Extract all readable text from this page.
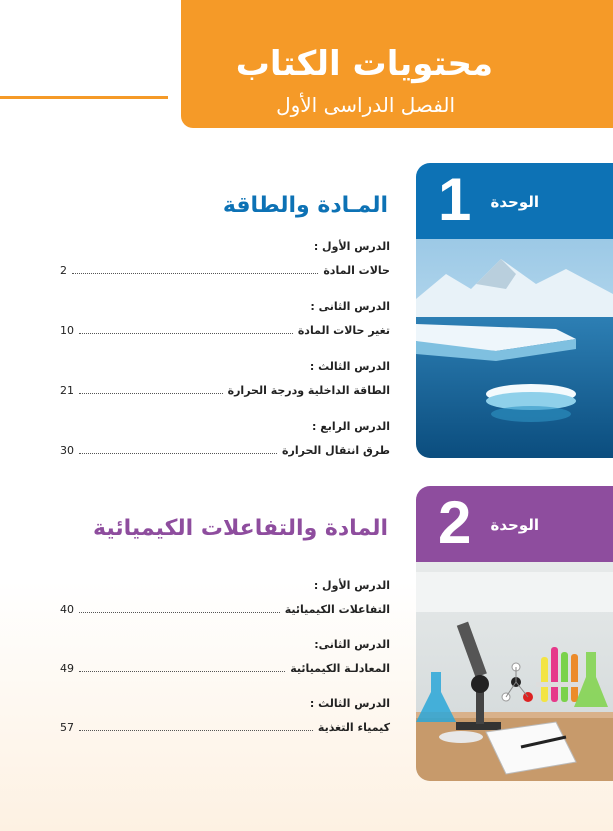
محتويات الكتاب
الفصل الدراسى الأول
1 الوحدة
المـادة والطاقة
الدرس الأول :
حالات المادة
2
الدرس الثانى :
تغير حالات المادة
10
الدرس الثالث :
الطاقة الداخلية ودرجة الحرارة
21
الدرس الرابع :
طرق انتقال الحرارة
30
2 الوحدة
المادة والتفاعلات الكيميائية
الدرس الأول :
التفاعلات الكيميائية
40
الدرس الثانى:
المعادلـة الكيميائية
49
الدرس الثالث :
كيمياء التغذية
57
